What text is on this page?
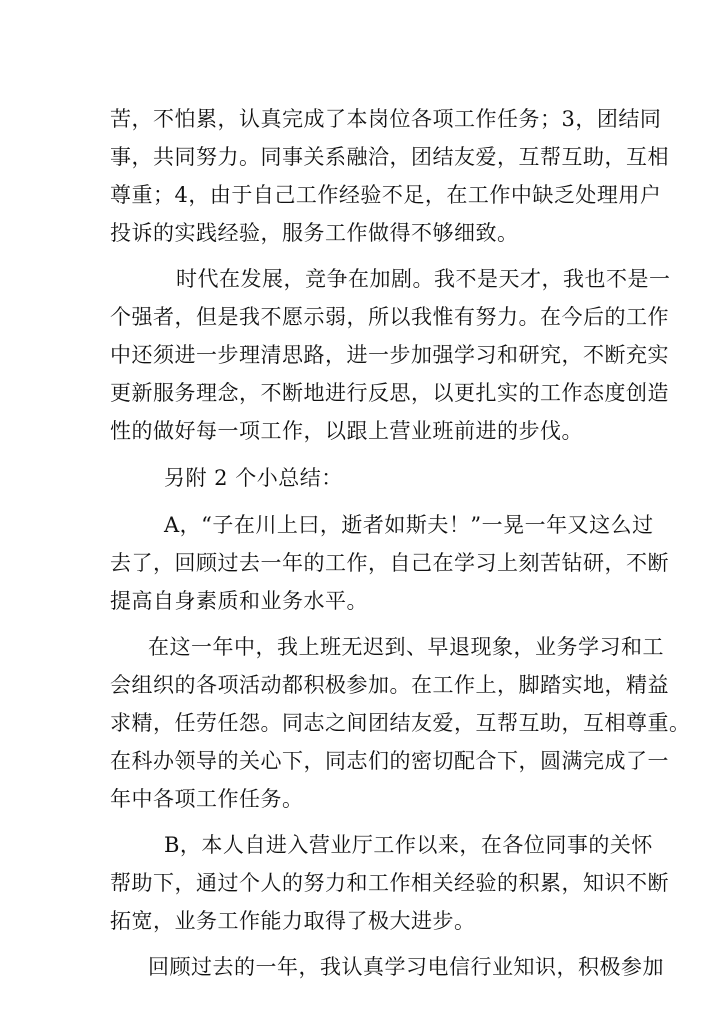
苦，不怕累，认真完成了本岗位各项工作任务；3，团结同
事，共同努力。同事关系融洽，团结友爱，互帮互助，互相
尊重；4，由于自己工作经验不足，在工作中缺乏处理用户
投诉的实践经验，服务工作做得不够细致。
时代在发展，竞争在加剧。我不是天才，我也不是一
个强者，但是我不愿示弱，所以我惟有努力。在今后的工作
中还须进一步理清思路，进一步加强学习和研究，不断充实
更新服务理念，不断地进行反思，以更扎实的工作态度创造
性的做好每一项工作，以跟上营业班前进的步伐。
另附 2 个小总结：
A，“子在川上曰，逝者如斯夫！”一晃一年又这么过
去了，回顾过去一年的工作，自己在学习上刻苦钻研，不断
提高自身素质和业务水平。
在这一年中，我上班无迟到、早退现象，业务学习和工
会组织的各项活动都积极参加。在工作上，脚踏实地，精益
求精，任劳任怨。同志之间团结友爱，互帮互助，互相尊重。
在科办领导的关心下，同志们的密切配合下，圆满完成了一
年中各项工作任务。
B，本人自进入营业厅工作以来，在各位同事的关怀
帮助下，通过个人的努力和工作相关经验的积累，知识不断
拓宽，业务工作能力取得了极大进步。
回顾过去的一年，我认真学习电信行业知识，积极参加
